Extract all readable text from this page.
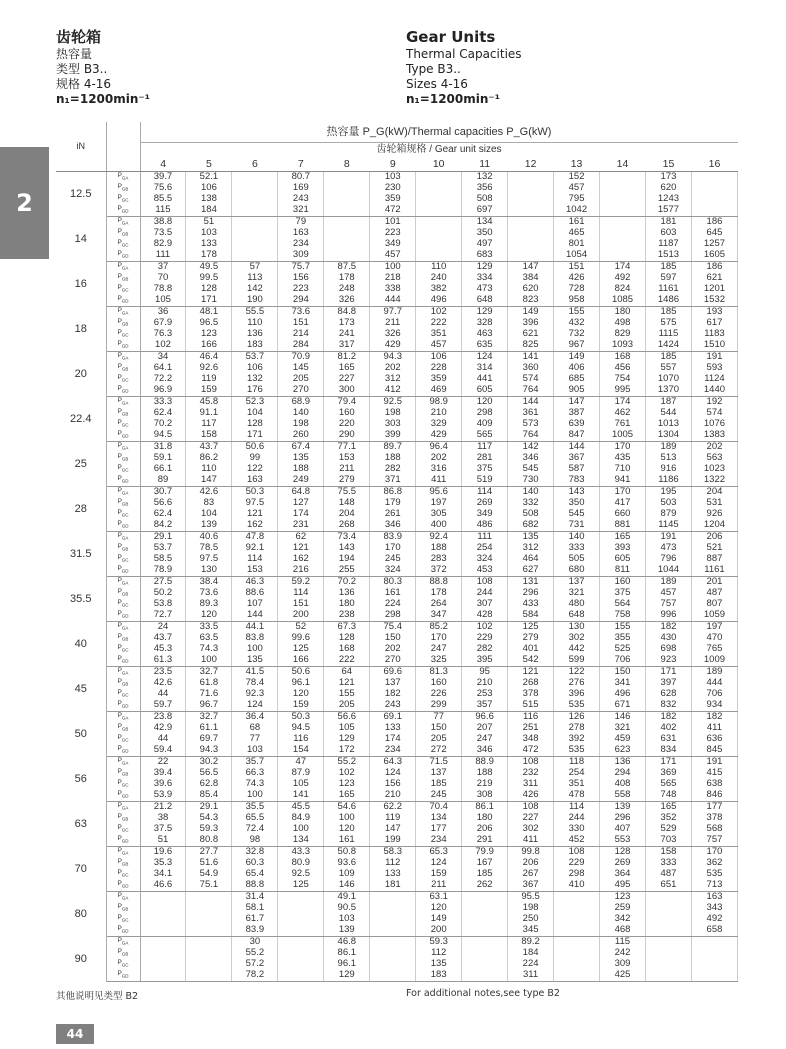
齿轮箱
热容量
类型 B3..
规格 4-16
n₁=1200min⁻¹
Gear Units
Thermal Capacities
Type B3..
Sizes 4-16
n₁=1200min⁻¹
2
iN		热容量 P_G(kW)/Thermal capacities P_G(kW)												
		齿轮箱规格 / Gear unit sizes												
		4	5	6	7	8	9	10	11	12	13	14	15	16
12.5	$P_{GA}$	39.7	52.1		80.7		103		132		152		173	
	$P_{GB}$	75.6	106		169		230		356		457		620	
	$P_{GC}$	85.5	138		243		359		508		795		1243	
	$P_{GD}$	115	184		321		472		697		1042		1577	
14	$P_{GA}$	38.8	51		79		101		134		161		181	186
	$P_{GB}$	73.5	103		163		223		350		465		603	645
	$P_{GC}$	82.9	133		234		349		497		801		1187	1257
	$P_{GD}$	111	178		309		457		683		1054		1513	1605
16	$P_{GA}$	37	49.5	57	75.7	87.5	100	110	129	147	151	174	185	186
	$P_{GB}$	70	99.5	113	156	178	218	240	334	384	426	492	597	621
	$P_{GC}$	78.8	128	142	223	248	338	382	473	620	728	824	1161	1201
	$P_{GD}$	105	171	190	294	326	444	496	648	823	958	1085	1486	1532
18	$P_{GA}$	36	48.1	55.5	73.6	84.8	97.7	102	129	149	155	180	185	193
	$P_{GB}$	67.9	96.5	110	151	173	211	222	328	396	432	498	575	617
	$P_{GC}$	76.3	123	136	214	241	326	351	463	621	732	829	1115	1183
	$P_{GD}$	102	166	183	284	317	429	457	635	825	967	1093	1424	1510
20	$P_{GA}$	34	46.4	53.7	70.9	81.2	94.3	106	124	141	149	168	185	191
	$P_{GB}$	64.1	92.6	106	145	165	202	228	314	360	406	456	557	593
	$P_{GC}$	72.2	119	132	205	227	312	359	441	574	685	754	1070	1124
	$P_{GD}$	96.9	159	176	270	300	412	469	605	764	905	995	1370	1440
22.4	$P_{GA}$	33.3	45.8	52.3	68.9	79.4	92.5	98.9	120	144	147	174	187	192
	$P_{GB}$	62.4	91.1	104	140	160	198	210	298	361	387	462	544	574
	$P_{GC}$	70.2	117	128	198	220	303	329	409	573	639	761	1013	1076
	$P_{GD}$	94.5	158	171	260	290	399	429	565	764	847	1005	1304	1383
25	$P_{GA}$	31.8	43.7	50.6	67.4	77.1	89.7	96.4	117	142	144	170	189	202
	$P_{GB}$	59.1	86.2	99	135	153	188	202	281	346	367	435	513	563
	$P_{GC}$	66.1	110	122	188	211	282	316	375	545	587	710	916	1023
	$P_{GD}$	89	147	163	249	279	371	411	519	730	783	941	1186	1322
28	$P_{GA}$	30.7	42.6	50.3	64.8	75.5	86.8	95.6	114	140	143	170	195	204
	$P_{GB}$	56.6	83	97.5	127	148	179	197	269	332	350	417	503	531
	$P_{GC}$	62.4	104	121	174	204	261	305	349	508	545	660	879	926
	$P_{GD}$	84.2	139	162	231	268	346	400	486	682	731	881	1145	1204
31.5	$P_{GA}$	29.1	40.6	47.8	62	73.4	83.9	92.4	111	135	140	165	191	206
	$P_{GB}$	53.7	78.5	92.1	121	143	170	188	254	312	333	393	473	521
	$P_{GC}$	58.5	97.5	114	162	194	245	283	324	464	505	605	796	887
	$P_{GD}$	78.9	130	153	216	255	324	372	453	627	680	811	1044	1161
35.5	$P_{GA}$	27.5	38.4	46.3	59.2	70.2	80.3	88.8	108	131	137	160	189	201
	$P_{GB}$	50.2	73.6	88.6	114	136	161	178	244	296	321	375	457	487
	$P_{GC}$	53.8	89.3	107	151	180	224	264	307	433	480	564	757	807
	$P_{GD}$	72.7	120	144	200	238	298	347	428	584	648	758	996	1059
40	$P_{GA}$	24	33.5	44.1	52	67.3	75.4	85.2	102	125	130	155	182	197
	$P_{GB}$	43.7	63.5	83.8	99.6	128	150	170	229	279	302	355	430	470
	$P_{GC}$	45.3	74.3	100	125	168	202	247	282	401	442	525	698	765
	$P_{GD}$	61.3	100	135	166	222	270	325	395	542	599	706	923	1009
45	$P_{GA}$	23.5	32.7	41.5	50.6	64	69.6	81.3	95	121	122	150	171	189
	$P_{GB}$	42.6	61.8	78.4	96.1	121	137	160	210	268	276	341	397	444
	$P_{GC}$	44	71.6	92.3	120	155	182	226	253	378	396	496	628	706
	$P_{GD}$	59.7	96.7	124	159	205	243	299	357	515	535	671	832	934
50	$P_{GA}$	23.8	32.7	36.4	50.3	56.6	69.1	77	96.6	116	126	146	182	182
	$P_{GB}$	42.9	61.1	68	94.5	105	133	150	207	251	278	321	402	411
	$P_{GC}$	44	69.7	77	116	129	174	205	247	348	392	459	631	636
	$P_{GD}$	59.4	94.3	103	154	172	234	272	346	472	535	623	834	845
56	$P_{GA}$	22	30.2	35.7	47	55.2	64.3	71.5	88.9	108	118	136	171	191
	$P_{GB}$	39.4	56.5	66.3	87.9	102	124	137	188	232	254	294	369	415
	$P_{GC}$	39.6	62.8	74.3	105	123	156	185	219	311	351	408	565	638
	$P_{GD}$	53.9	85.4	100	141	165	210	245	308	426	478	558	748	846
63	$P_{GA}$	21.2	29.1	35.5	45.5	54.6	62.2	70.4	86.1	108	114	139	165	177
	$P_{GB}$	38	54.3	65.5	84.9	100	119	134	180	227	244	296	352	378
	$P_{GC}$	37.5	59.3	72.4	100	120	147	177	206	302	330	407	529	568
	$P_{GD}$	51	80.8	98	134	161	199	234	291	411	452	553	703	757
70	$P_{GA}$	19.6	27.7	32.8	43.3	50.8	58.3	65.3	79.9	99.8	108	128	158	170
	$P_{GB}$	35.3	51.6	60.3	80.9	93.6	112	124	167	206	229	269	333	362
	$P_{GC}$	34.1	54.9	65.4	92.5	109	133	159	185	267	298	364	487	535
	$P_{GD}$	46.6	75.1	88.8	125	146	181	211	262	367	410	495	651	713
80	$P_{GA}$			31.4		49.1		63.1		95.5		123		163
	$P_{GB}$			58.1		90.5		120		198		259		343
	$P_{GC}$			61.7		103		149		250		342		492
	$P_{GD}$			83.9		139		200		345		468		658
90	$P_{GA}$			30		46.8		59.3		89.2		115		
	$P_{GB}$			55.2		86.1		112		184		242		
	$P_{GC}$			57.2		96.1		135		224		309		
	$P_{GD}$			78.2		129		183		311		425		
其他说明见类型 B2	For additional notes,see type B2
44
